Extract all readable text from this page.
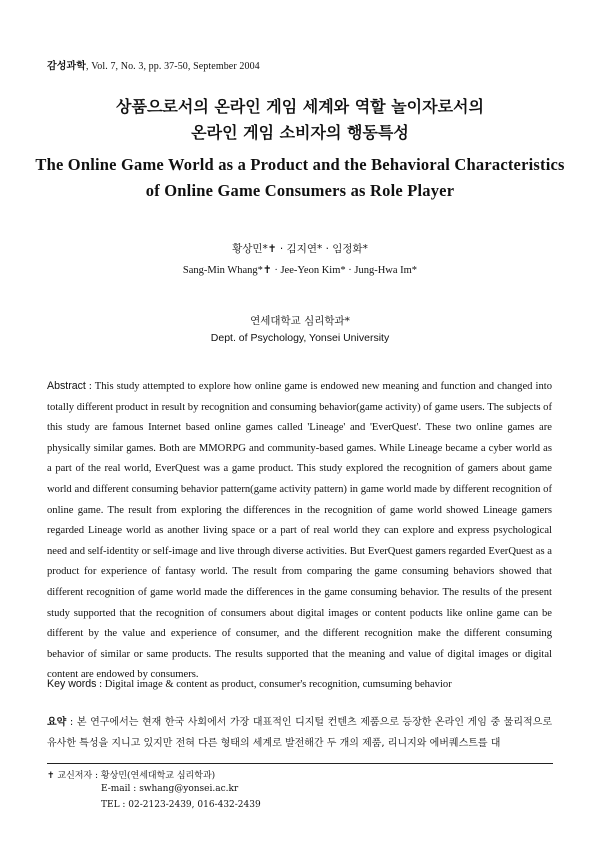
감성과학, Vol. 7, No. 3, pp. 37-50, September 2004
상품으로서의 온라인 게임 세계와 역할 놀이자로서의
온라인 게임 소비자의 행동특성
The Online Game World as a Product and the Behavioral Characteristics
of Online Game Consumers as Role Player
황상민*✝ · 김지연* · 임정화*
Sang-Min Whang*✝ · Jee-Yeon Kim* · Jung-Hwa Im*
연세대학교 심리학과*
Dept. of Psychology, Yonsei University
Abstract : This study attempted to explore how online game is endowed new meaning and function and changed into totally different product in result by recognition and consuming behavior(game activity) of game users. The subjects of this study are famous Internet based online games called 'Lineage' and 'EverQuest'. These two online games are physically similar games. Both are MMORPG and community-based games. While Lineage became a cyber world as a part of the real world, EverQuest was a game product. This study explored the recognition of gamers about game world and different consuming behavior pattern(game activity pattern) in game world made by different recognition of online game. The result from exploring the differences in the recognition of game world showed Lineage gamers regarded Lineage world as another living space or a part of real world they can explore and express psychological need and self-identity or self-image and live through diverse activities. But EverQuest gamers regarded EverQuest as a product for experience of fantasy world. The result from comparing the game consuming behaviors showed that different recognition of game world made the differences in the game consuming behavior. The results of the present study supported that the recognition of consumers about digital images or content poducts like online game can be different by the value and experience of consumer, and the different recognition make the different consuming behavior of similar or same products. The results supported that the meaning and value of digital images or digital content are endowed by consumers.
Key words : Digital image & content as product, consumer's recognition, cumsuming behavior
요약 : 본 연구에서는 현재 한국 사회에서 가장 대표적인 디지털 컨텐츠 제품으로 등장한 온라인 게임 중 물리적으로 유사한 특성을 지니고 있지만 전혀 다른 형태의 세계로 발전해간 두 개의 제품, 리니지와 에버퀘스트를 대
✝ 교신저자 : 황상민(연세대학교 심리학과)
E-mail : swhang@yonsei.ac.kr
TEL : 02-2123-2439, 016-432-2439
